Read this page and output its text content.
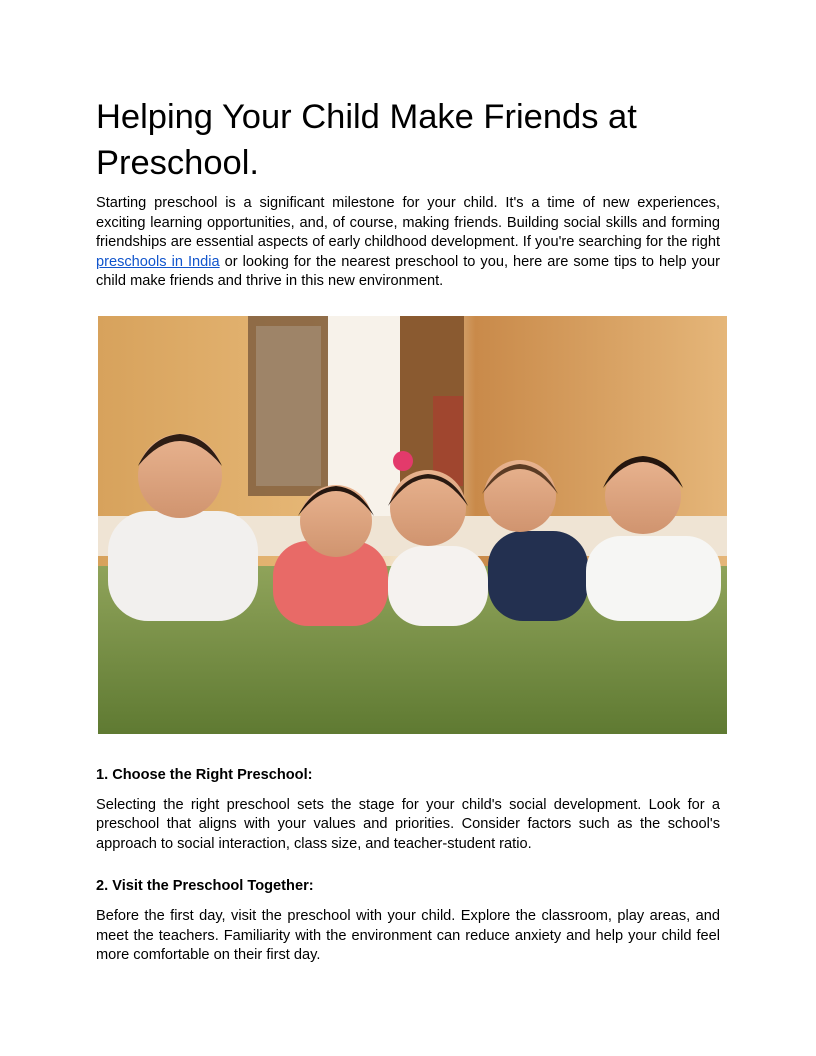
Helping Your Child Make Friends at Preschool.

Starting preschool is a significant milestone for your child. It's a time of new experiences, exciting learning opportunities, and, of course, making friends. Building social skills and forming friendships are essential aspects of early childhood development. If you're searching for the right preschools in India or looking for the nearest preschool to you, here are some tips to help your child make friends and thrive in this new environment.

1. Choose the Right Preschool:

Selecting the right preschool sets the stage for your child's social development. Look for a preschool that aligns with your values and priorities. Consider factors such as the school's approach to social interaction, class size, and teacher-student ratio.

2. Visit the Preschool Together:

Before the first day, visit the preschool with your child. Explore the classroom, play areas, and meet the teachers. Familiarity with the environment can reduce anxiety and help your child feel more comfortable on their first day.
